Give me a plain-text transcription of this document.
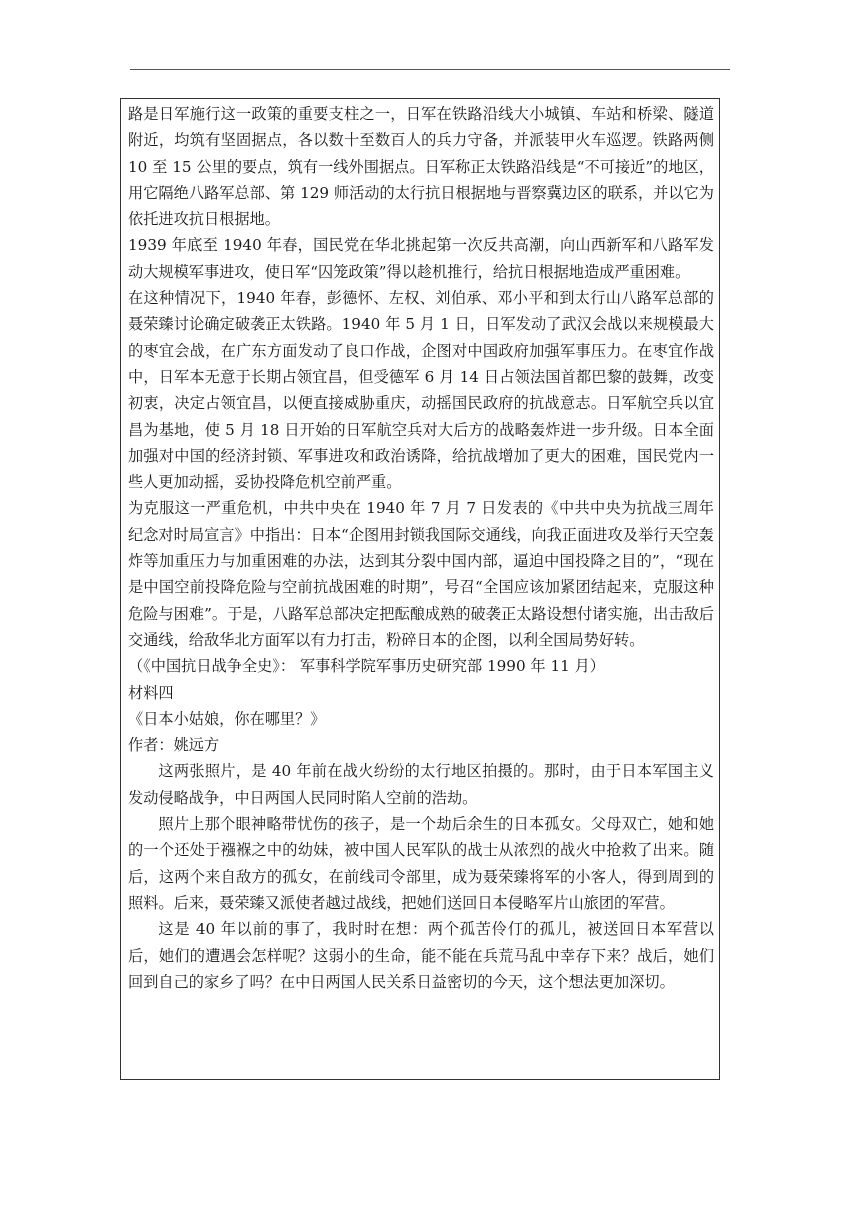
路是日军施行这一政策的重要支柱之一，日军在铁路沿线大小城镇、车站和桥梁、隧道附近，均筑有坚固据点，各以数十至数百人的兵力守备，并派装甲火车巡逻。铁路两侧 10 至 15 公里的要点，筑有一线外围据点。日军称正太铁路沿线是“不可接近”的地区，用它隔绝八路军总部、第 129 师活动的太行抗日根据地与晋察冀边区的联系，并以它为依托进攻抗日根据地。

1939 年底至 1940 年春，国民党在华北挑起第一次反共高潮，向山西新军和八路军发动大规模军事进攻，使日军“囚笼政策”得以趁机推行，给抗日根据地造成严重困难。

在这种情况下，1940 年春，彭德怀、左权、刘伯承、邓小平和到太行山八路军总部的聂荣臻讨论确定破袭正太铁路。1940 年 5 月 1 日，日军发动了武汉会战以来规模最大的枣宜会战，在广东方面发动了良口作战，企图对中国政府加强军事压力。在枣宜作战中，日军本无意于长期占领宜昌，但受德军 6 月 14 日占领法国首都巴黎的鼓舞，改变初衷，决定占领宜昌，以便直接威胁重庆，动摇国民政府的抗战意志。日军航空兵以宜昌为基地，使 5 月 18 日开始的日军航空兵对大后方的战略轰炸进一步升级。日本全面加强对中国的经济封锁、军事进攻和政治诱降，给抗战增加了更大的困难，国民党内一些人更加动摇，妥协投降危机空前严重。

为克服这一严重危机，中共中央在 1940 年 7 月 7 日发表的《中共中央为抗战三周年纪念对时局宣言》中指出：日本“企图用封锁我国际交通线，向我正面进攻及举行天空轰炸等加重压力与加重困难的办法，达到其分裂中国内部，逼迫中国投降之目的”，“现在是中国空前投降危险与空前抗战困难的时期”，号召“全国应该加紧团结起来，克服这种危险与困难”。于是，八路军总部决定把酝酿成熟的破袭正太路设想付诸实施，出击敌后交通线，给敌华北方面军以有力打击，粉碎日本的企图，以利全国局势好转。

（《中国抗日战争全史》： 军事科学院军事历史研究部 1990 年 11 月）

材料四

《日本小姑娘，你在哪里？》

作者：姚远方

这两张照片，是 40 年前在战火纷纷的太行地区拍摄的。那时，由于日本军国主义发动侵略战争，中日两国人民同时陷人空前的浩劫。

照片上那个眼神略带忧伤的孩子，是一个劫后余生的日本孤女。父母双亡，她和她的一个还处于襁褓之中的幼妹，被中国人民军队的战士从浓烈的战火中抢救了出来。随后，这两个来自敌方的孤女，在前线司令部里，成为聂荣臻将军的小客人，得到周到的照料。后来，聂荣臻又派使者越过战线，把她们送回日本侵略军片山旅团的军营。

这是 40 年以前的事了，我时时在想：两个孤苦伶仃的孤儿，被送回日本军营以后，她们的遭遇会怎样呢？这弱小的生命，能不能在兵荒马乱中幸存下来？战后，她们回到自己的家乡了吗？在中日两国人民关系日益密切的今天，这个想法更加深切。
